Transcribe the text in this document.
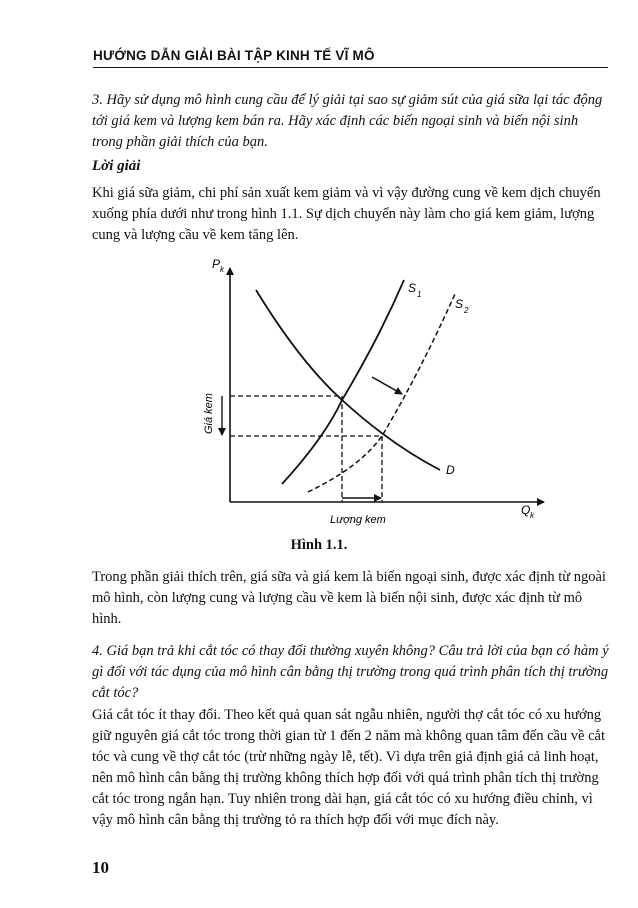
HƯỚNG DẪN GIẢI BÀI TẬP KINH TẾ VĨ MÔ

3. Hãy sử dụng mô hình cung cầu để lý giải tại sao sự giảm sút của giá sữa lại tác động tới giá kem và lượng kem bán ra. Hãy xác định các biến ngoại sinh và biến nội sinh trong phần giải thích của bạn.

Lời giải

Khi giá sữa giảm, chi phí sản xuất kem giảm và vì vậy đường cung về kem dịch chuyển xuống phía dưới như trong hình 1.1. Sự dịch chuyển này làm cho giá kem giảm, lượng cung và lượng cầu về kem tăng lên.

P k
Q k
D
S 1
S 2
Giá kem
Lượng kem
Hình 1.1.

Trong phần giải thích trên, giá sữa và giá kem là biến ngoại sinh, được xác định từ ngoài mô hình, còn lượng cung và lượng cầu về kem là biến nội sinh, được xác định từ mô hình.

4. Giá bạn trả khi cắt tóc có thay đổi thường xuyên không? Câu trả lời của bạn có hàm ý gì đối với tác dụng của mô hình cân bằng thị trường trong quá trình phân tích thị trường cắt tóc?

Giá cắt tóc ít thay đổi. Theo kết quả quan sát ngẫu nhiên, người thợ cắt tóc có xu hướng giữ nguyên giá cắt tóc trong thời gian từ 1 đến 2 năm mà không quan tâm đến cầu về cắt tóc và cung về thợ cắt tóc (trừ những ngày lễ, tết). Vì dựa trên giả định giá cả linh hoạt, nên mô hình cân bằng thị trường không thích hợp đối với quá trình phân tích thị trường cắt tóc trong ngắn hạn. Tuy nhiên trong dài hạn, giá cắt tóc có xu hướng điều chỉnh, vì vậy mô hình cân bằng thị trường tỏ ra thích hợp đối với mục đích này.

10
